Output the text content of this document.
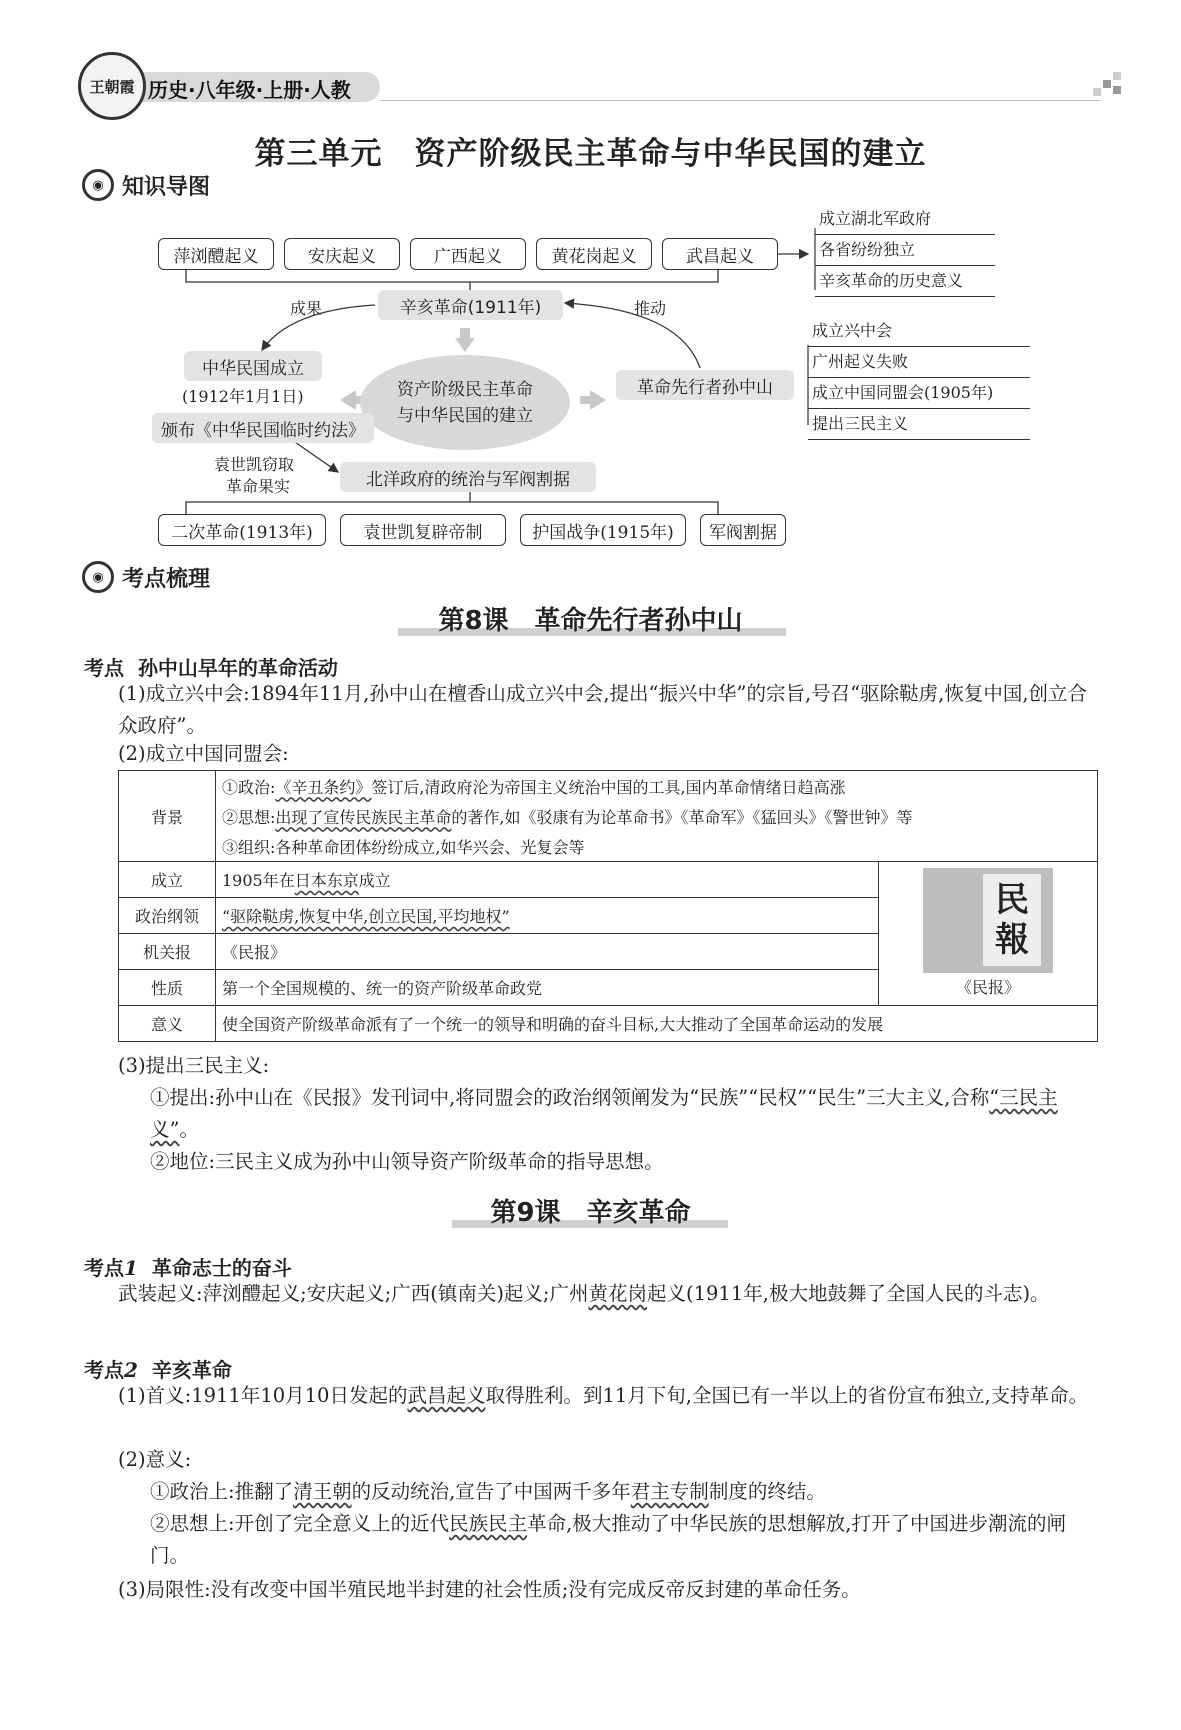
王朝霞 历史·八年级·上册·人教
第三单元　资产阶级民主革命与中华民国的建立
◉ 知识导图
萍浏醴起义	安庆起义	广西起义	黄花岗起义	武昌起义
成立湖北军政府
各省纷纷独立
辛亥革命的历史意义
辛亥革命(1911年)
成果	推动
资产阶级民主革命
与中华民国的建立
中华民国成立
(1912年1月1日)
颁布《中华民国临时约法》
革命先行者孙中山
成立兴中会
广州起义失败
成立中国同盟会(1905年)
提出三民主义
袁世凯窃取
革命果实	北洋政府的统治与军阀割据
二次革命(1913年)	袁世凯复辟帝制	护国战争(1915年)	军阀割据
◉ 考点梳理
第8课　革命先行者孙中山
考点 孙中山早年的革命活动
(1)成立兴中会:1894年11月,孙中山在檀香山成立兴中会,提出“振兴中华”的宗旨,号召“驱除鞑虏,恢复中国,创立合众政府”。
(2)成立中国同盟会:
背景	①政治:《辛丑条约》签订后,清政府沦为帝国主义统治中国的工具,国内革命情绪日趋高涨	
	②思想:出现了宣传民族民主革命的著作,如《驳康有为论革命书》《革命军》《猛回头》《警世钟》等	
	③组织:各种革命团体纷纷成立,如华兴会、光复会等	
成立	1905年在日本东京成立	民
報
《民报》

政治纲领	“驱除鞑虏,恢复中华,创立民国,平均地权”	
机关报	《民报》	
性质	第一个全国规模的、统一的资产阶级革命政党	
意义	使全国资产阶级革命派有了一个统一的领导和明确的奋斗目标,大大推动了全国革命运动的发展	
(3)提出三民主义:
①提出:孙中山在《民报》发刊词中,将同盟会的政治纲领阐发为“民族”“民权”“民生”三大主义,合称“三民主义”。
②地位:三民主义成为孙中山领导资产阶级革命的指导思想。
第9课　辛亥革命
考点1 革命志士的奋斗
武装起义:萍浏醴起义;安庆起义;广西(镇南关)起义;广州黄花岗起义(1911年,极大地鼓舞了全国人民的斗志)。
考点2 辛亥革命
(1)首义:1911年10月10日发起的武昌起义取得胜利。到11月下旬,全国已有一半以上的省份宣布独立,支持革命。
(2)意义:
①政治上:推翻了清王朝的反动统治,宣告了中国两千多年君主专制制度的终结。
②思想上:开创了完全意义上的近代民族民主革命,极大推动了中华民族的思想解放,打开了中国进步潮流的闸门。
(3)局限性:没有改变中国半殖民地半封建的社会性质;没有完成反帝反封建的革命任务。
